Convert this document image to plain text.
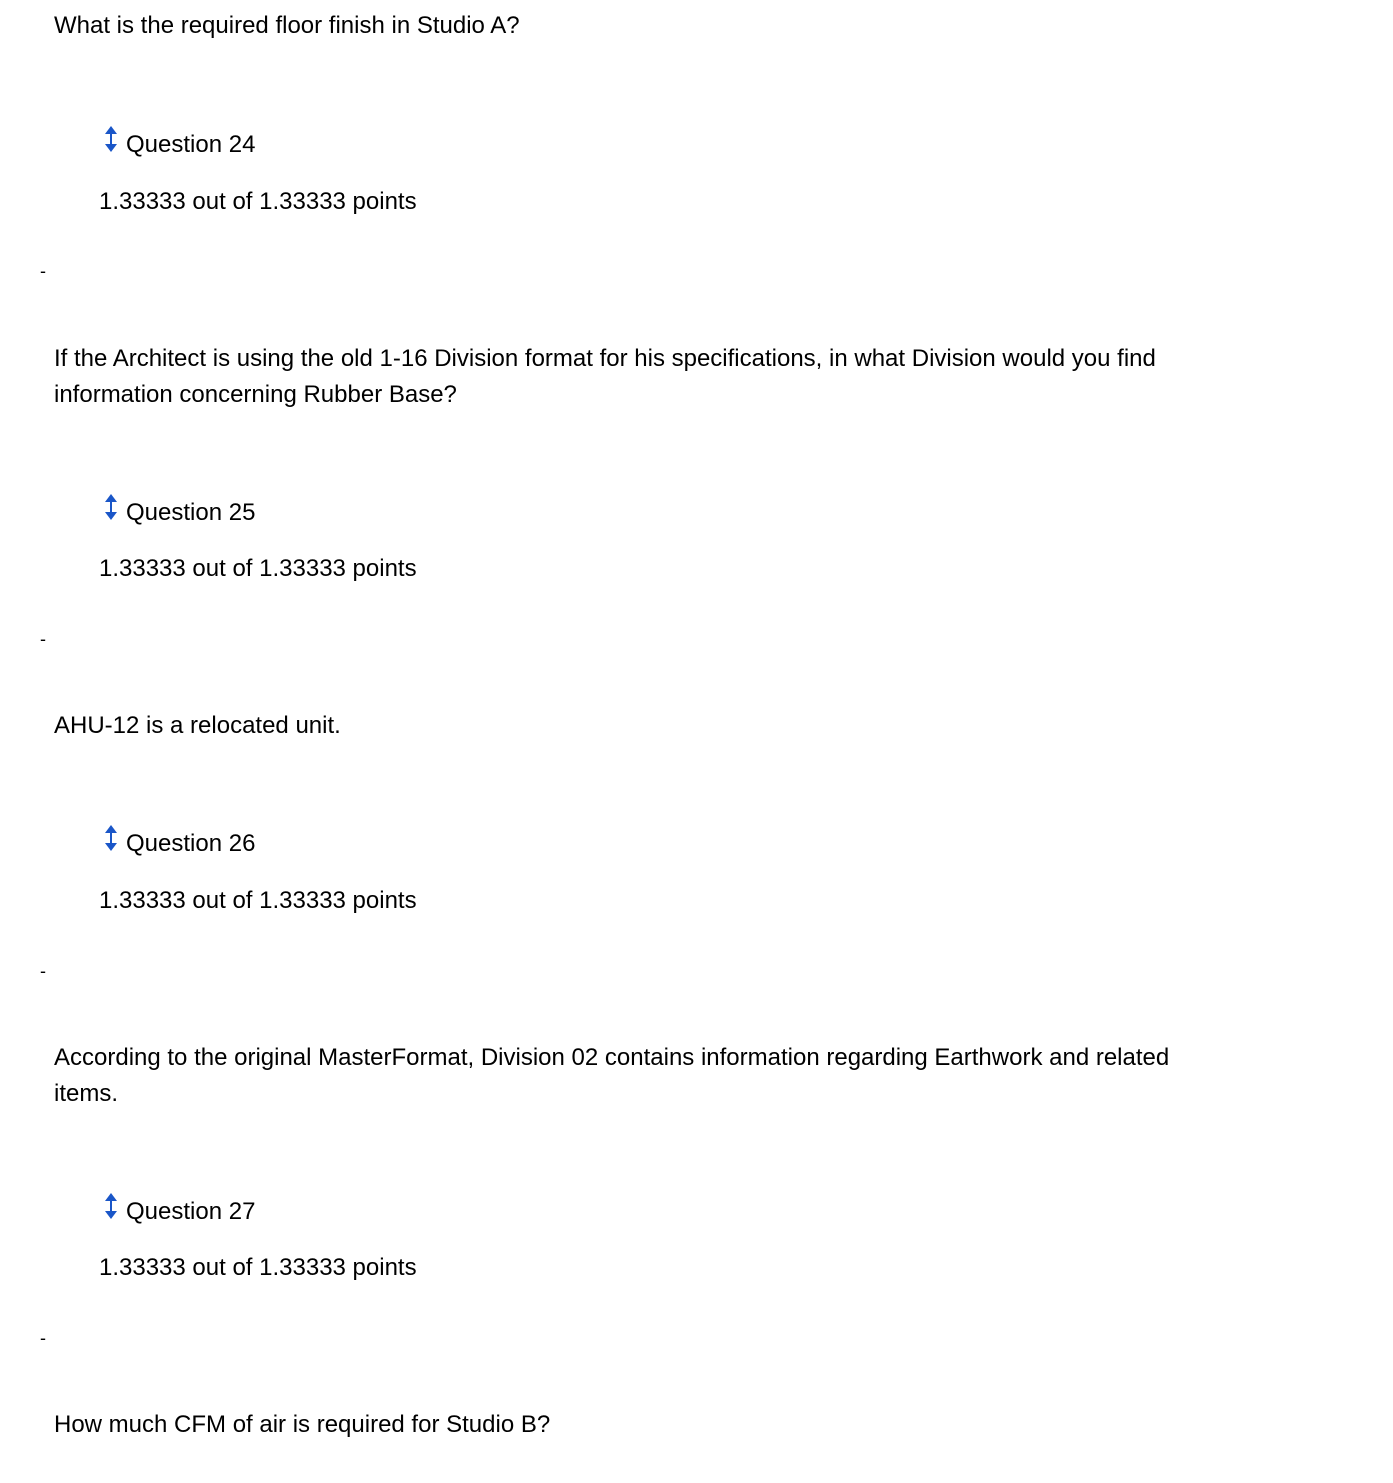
What is the required floor finish in Studio A?

Question 24
1.33333 out of 1.33333 points
-

If the Architect is using the old 1-16 Division format for his specifications, in what Division would you find information concerning Rubber Base?

Question 25
1.33333 out of 1.33333 points
-

AHU-12 is a relocated unit.

Question 26
1.33333 out of 1.33333 points
-

According to the original MasterFormat, Division 02 contains information regarding Earthwork and related items.

Question 27
1.33333 out of 1.33333 points
-

How much CFM of air is required for Studio B?
